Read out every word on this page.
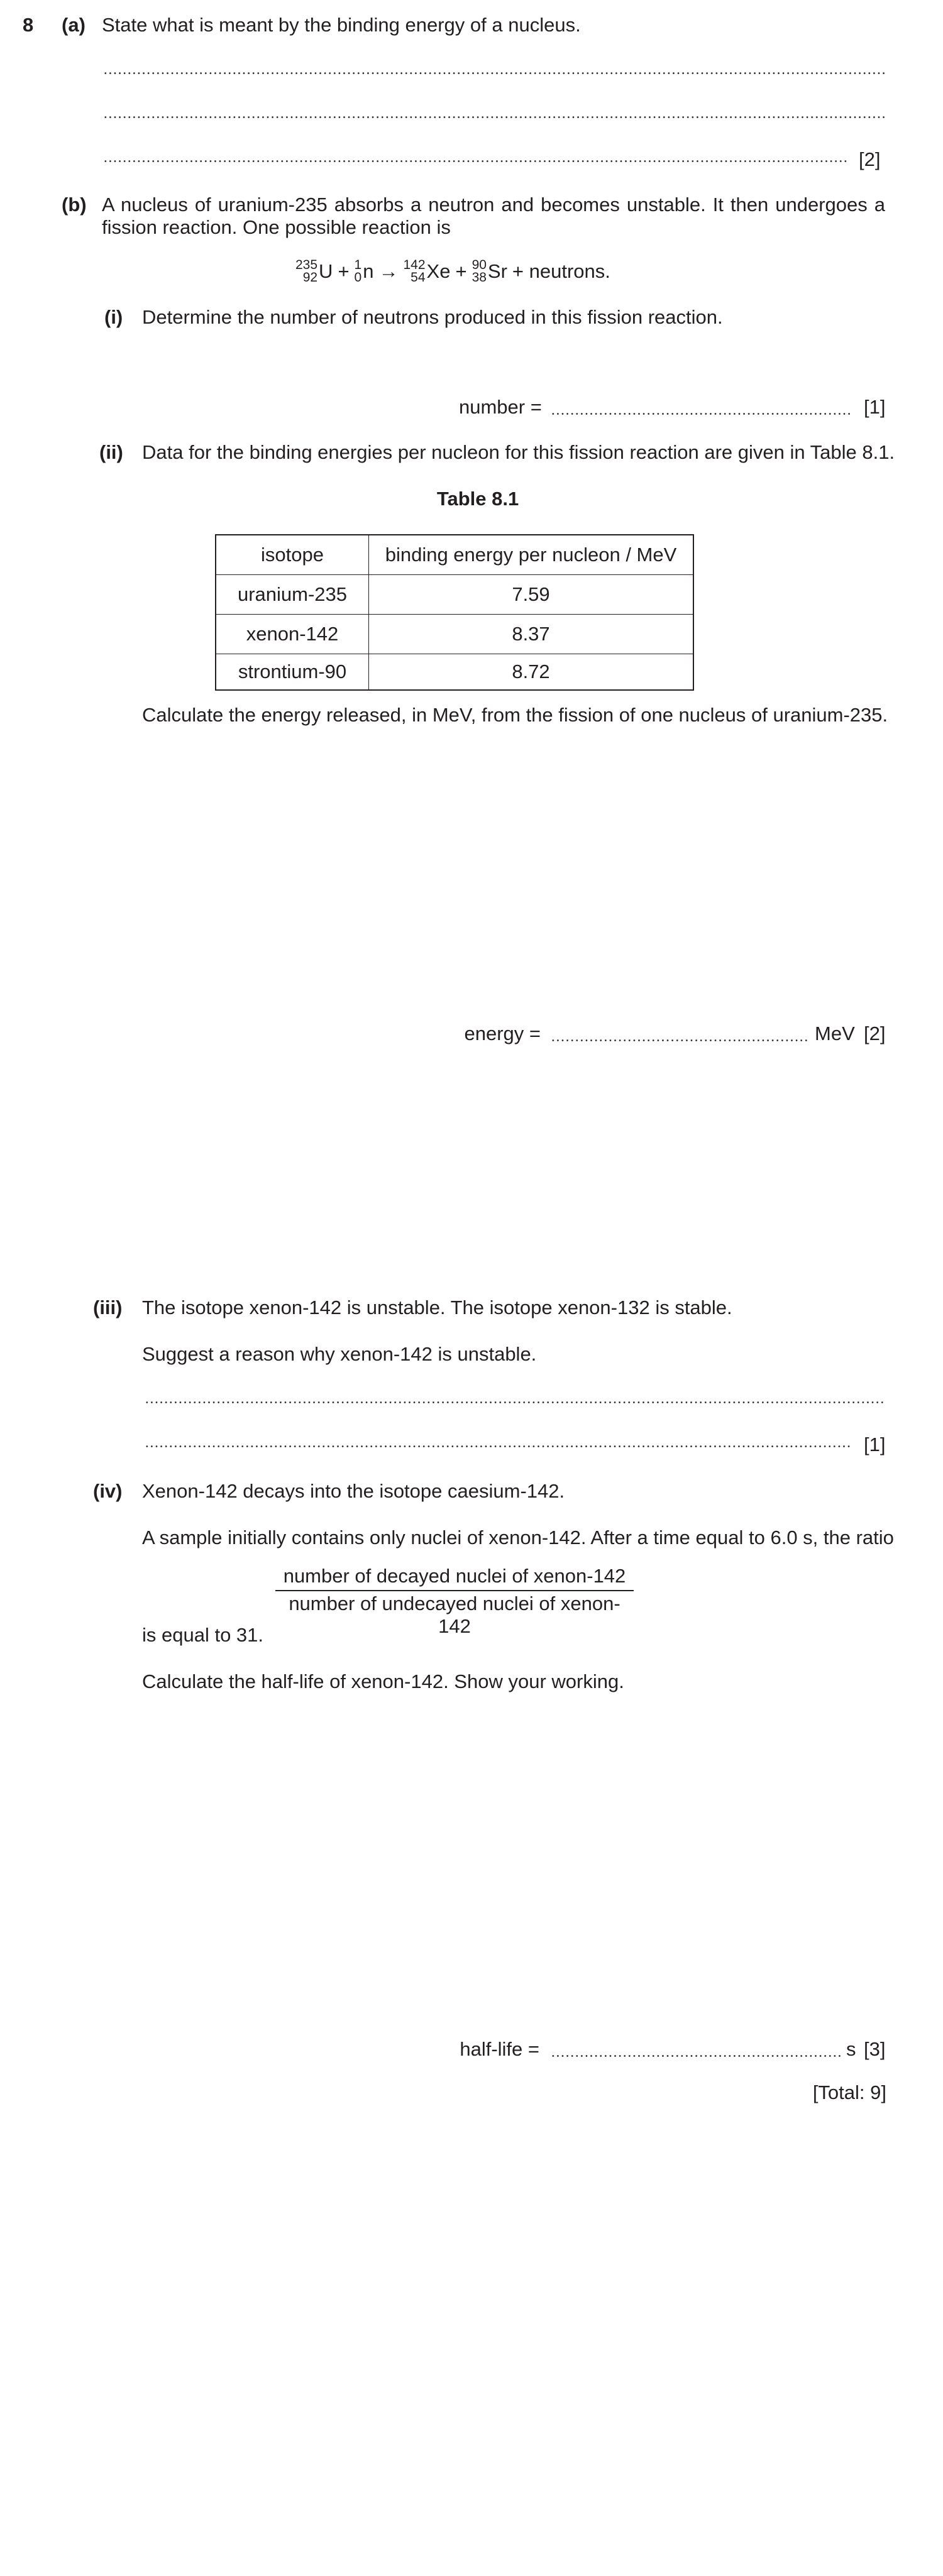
8 (a) State what is meant by the binding energy of a nucleus.
[2]
(b) A nucleus of uranium-235 absorbs a neutron and becomes unstable. It then undergoes a
fission reaction. One possible reaction is
235
92 U + 1
0 n → 142
54 Xe + 90
38 Sr + neutrons.
(i) Determine the number of neutrons produced in this fission reaction.
number =	[1]
(ii) Data for the binding energies per nucleon for this fission reaction are given in Table 8.1.
Table 8.1
isotope	binding energy per nucleon / MeV
uranium-235	7.59
xenon-142	8.37
strontium-90	8.72
Calculate the energy released, in MeV, from the fission of one nucleus of uranium-235.
energy =	MeV [2]
(iii) The isotope xenon-142 is unstable. The isotope xenon-132 is stable.
Suggest a reason why xenon-142 is unstable.
[1]
(iv) Xenon-142 decays into the isotope caesium-142.
A sample initially contains only nuclei of xenon-142. After a time equal to 6.0 s, the ratio
number of decayed nuclei of xenon-142
number of undecayed nuclei of xenon-142
is equal to 31.
Calculate the half-life of xenon-142. Show your working.
half-life =	s [3]
[Total: 9]
